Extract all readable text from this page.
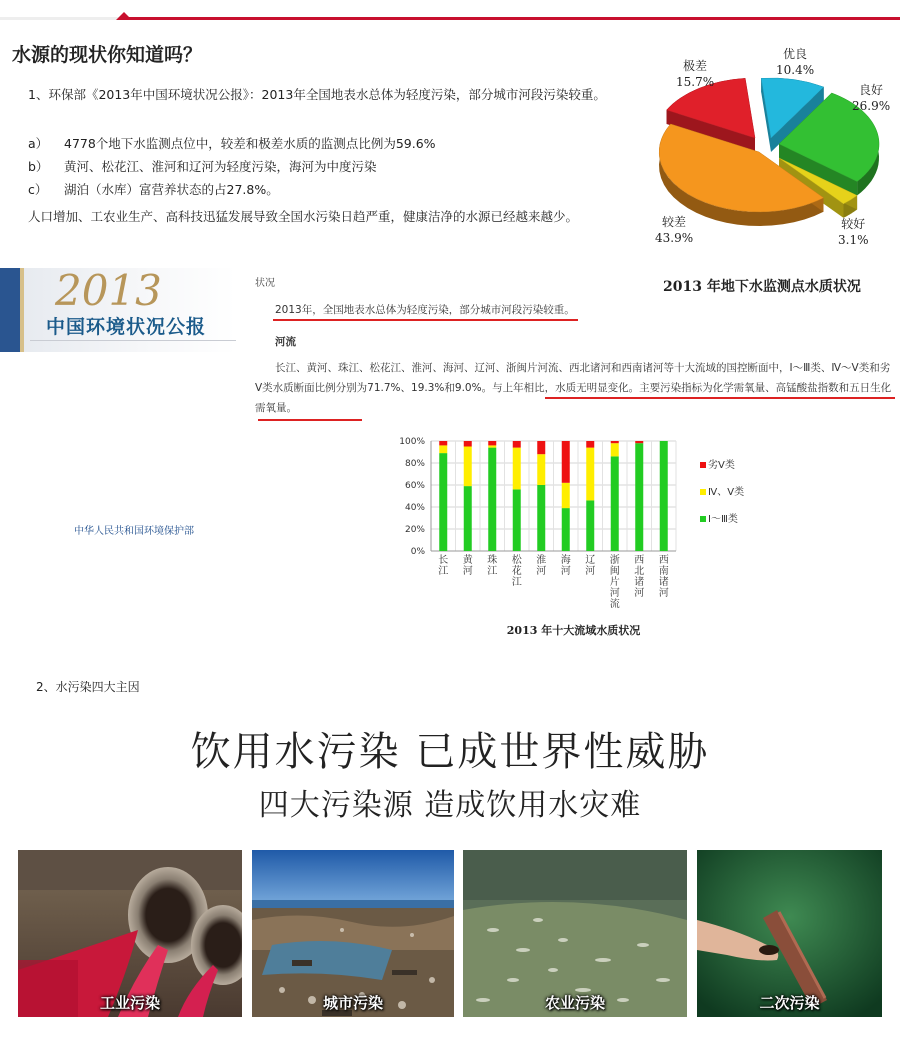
水源的现状你知道吗？
1、环保部《2013年中国环境状况公报》：2013年全国地表水总体为轻度污染，部分城市河段污染较重。
a） 4778个地下水监测点位中，较差和极差水质的监测点比例为59.6%
b） 黄河、松花江、淮河和辽河为轻度污染，海河为中度污染
c） 湖泊（水库）富营养状态的占27.8%。
人口增加、工农业生产、高科技迅猛发展导致全国水污染日趋严重，健康洁净的水源已经越来越少。
极差
15.7%
优良
10.4%
良好
26.9%
较好
3.1%
较差
43.9%
2013 年地下水监测点水质状况
2013
中国环境状况公报
中华人民共和国环境保护部
状况
2013年，全国地表水总体为轻度污染，部分城市河段污染较重。
河流
长江、黄河、珠江、松花江、淮河、海河、辽河、浙闽片河流、西北诸河和西南诸河等十大流域的国控断面中，Ⅰ～Ⅲ类、Ⅳ～Ⅴ类和劣Ⅴ类水质断面比例分别为71.7%、19.3%和9.0%。与上年相比，水质无明显变化。主要污染指标为化学需氧量、高锰酸盐指数和五日生化需氧量。
0%
20%
40%
60%
80%
100%
长
江
黄
河
珠
江
松
花
江
淮
河
海
河
辽
河
浙
闽
片
河
流
西
北
诸
河
西
南
诸
河
劣Ⅴ类
Ⅳ、Ⅴ类
Ⅰ～Ⅲ类
2013 年十大流域水质状况
2、水污染四大主因
饮用水污染 已成世界性威胁
四大污染源 造成饮用水灾难
工业污染	城市污染	农业污染	二次污染
